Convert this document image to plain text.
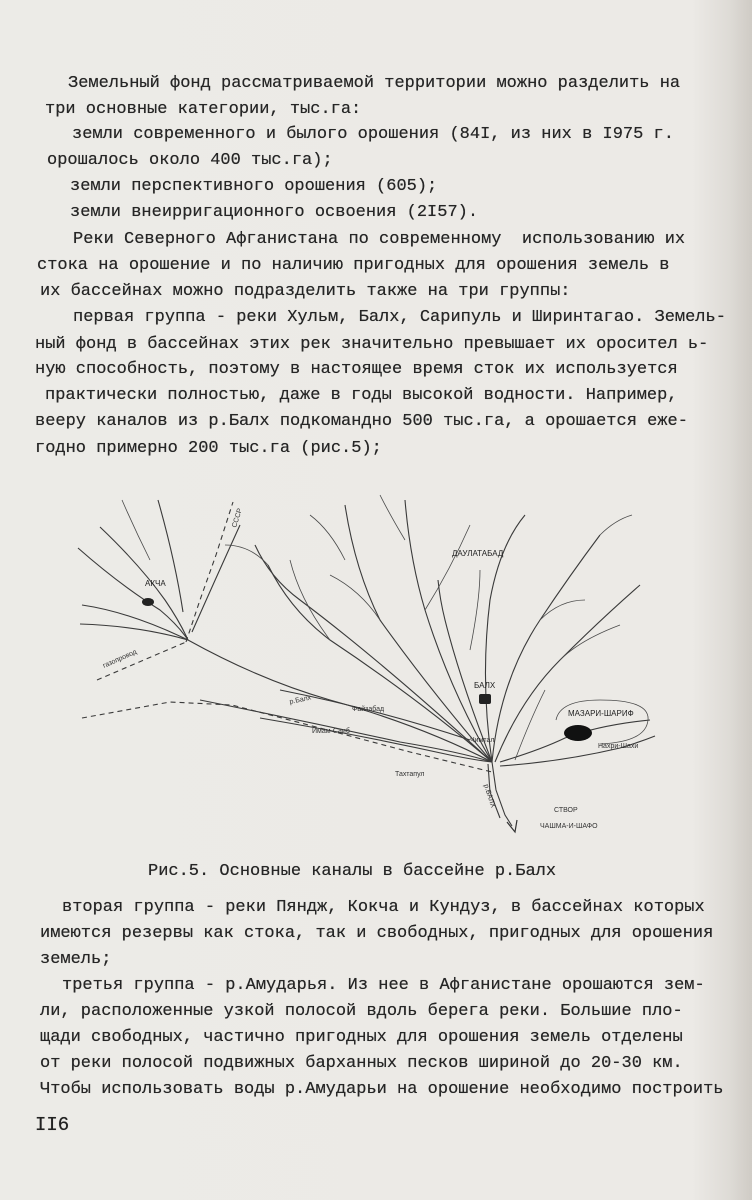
Земельный фонд рассматриваемой территории можно разделить на
три основные категории, тыс.га:
земли современного и былого орошения (84I, из них в I975 г.
орошалось около 400 тыс.га);
земли перспективного орошения (605);
земли внеирригационного освоения (2I57).
Реки Северного Афганистана по современному  использованию их
стока на орошение и по наличию пригодных для орошения земель в
их бассейнах можно подразделить также на три группы:
первая группа - реки Хульм, Балх, Сарипуль и Ширинтагао. Земель-
ный фонд в бассейнах этих рек значительно превышает их оросител ь-
ную способность, поэтому в настоящее время сток их используется
практически полностью, даже в годы высокой водности. Например,
вееру каналов из р.Балх подкомандно 500 тыс.га, а орошается еже-
годно примерно 200 тыс.га (рис.5);
СССР
АКЧА
ДАУЛАТАБАД
БАЛХ
МАЗАРИ-ШАРИФ
Файзабад
р.Балх
Имам-Саиб
Чимтал
Тахтапул
Нахри-Шахи
газопровод
р.БАЛХ
СТВОР
ЧАШМА-И-ШАФО
Рис.5. Основные каналы в бассейне р.Балх
вторая группа - реки Пяндж, Кокча и Кундуз, в бассейнах которых
имеются резервы как стока, так и свободных, пригодных для орошения
земель;
третья группа - р.Амударья. Из нее в Афганистане орошаются зем-
ли, расположенные узкой полосой вдоль берега реки. Большие пло-
щади свободных, частично пригодных для орошения земель отделены
от реки полосой подвижных барханных песков шириной до 20-30 км.
Чтобы использовать воды р.Амударьи на орошение необходимо построить
II6
